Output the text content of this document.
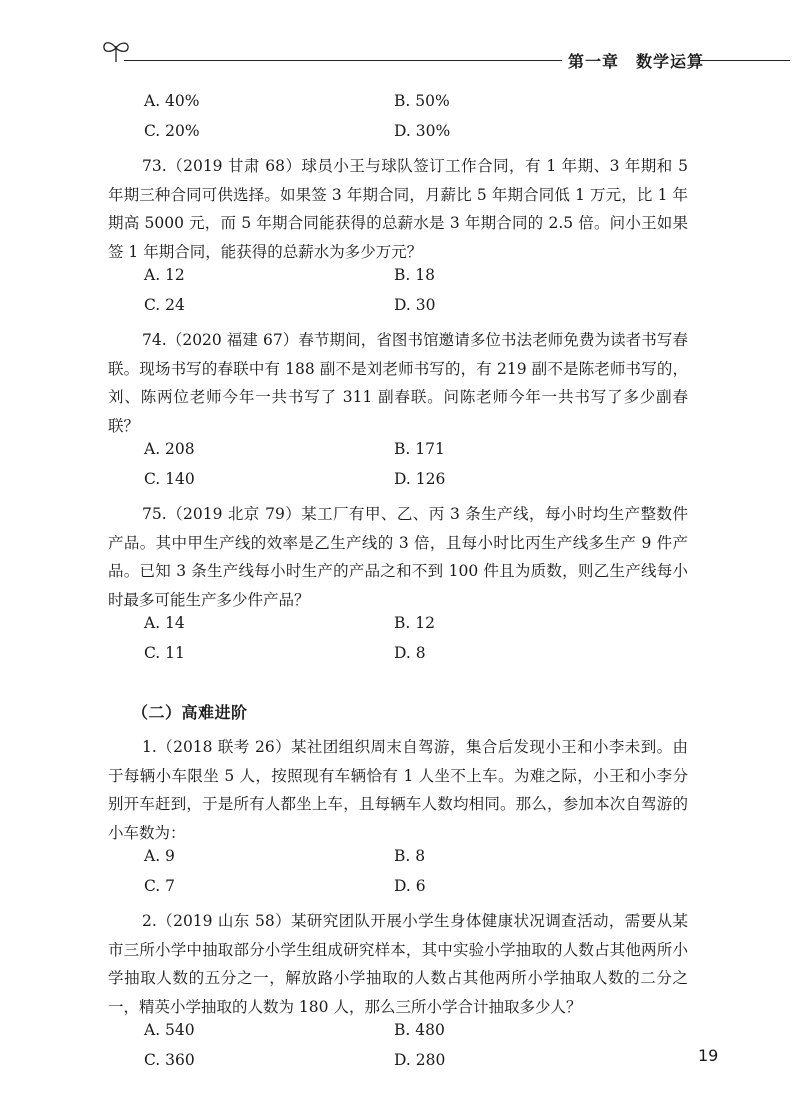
第一章　数学运算
A. 40%	B. 50%
C. 20%	D. 30%

73.（2019 甘肃 68）球员小王与球队签订工作合同，有 1 年期、3 年期和 5 年期三种合同可供选择。如果签 3 年期合同，月薪比 5 年期合同低 1 万元，比 1 年期高 5000 元，而 5 年期合同能获得的总薪水是 3 年期合同的 2.5 倍。问小王如果签 1 年期合同，能获得的总薪水为多少万元？

A. 12	B. 18
C. 24	D. 30

74.（2020 福建 67）春节期间，省图书馆邀请多位书法老师免费为读者书写春联。现场书写的春联中有 188 副不是刘老师书写的，有 219 副不是陈老师书写的，刘、陈两位老师今年一共书写了 311 副春联。问陈老师今年一共书写了多少副春联？

A. 208	B. 171
C. 140	D. 126

75.（2019 北京 79）某工厂有甲、乙、丙 3 条生产线，每小时均生产整数件产品。其中甲生产线的效率是乙生产线的 3 倍，且每小时比丙生产线多生产 9 件产品。已知 3 条生产线每小时生产的产品之和不到 100 件且为质数，则乙生产线每小时最多可能生产多少件产品？

A. 14	B. 12
C. 11	D. 8
（二）高难进阶

1.（2018 联考 26）某社团组织周末自驾游，集合后发现小王和小李未到。由于每辆小车限坐 5 人，按照现有车辆恰有 1 人坐不上车。为难之际，小王和小李分别开车赶到，于是所有人都坐上车，且每辆车人数均相同。那么，参加本次自驾游的小车数为：

A. 9	B. 8
C. 7	D. 6

2.（2019 山东 58）某研究团队开展小学生身体健康状况调查活动，需要从某市三所小学中抽取部分小学生组成研究样本，其中实验小学抽取的人数占其他两所小学抽取人数的五分之一，解放路小学抽取的人数占其他两所小学抽取人数的二分之一，精英小学抽取的人数为 180 人，那么三所小学合计抽取多少人？

A. 540	B. 480
C. 360	D. 280	19
